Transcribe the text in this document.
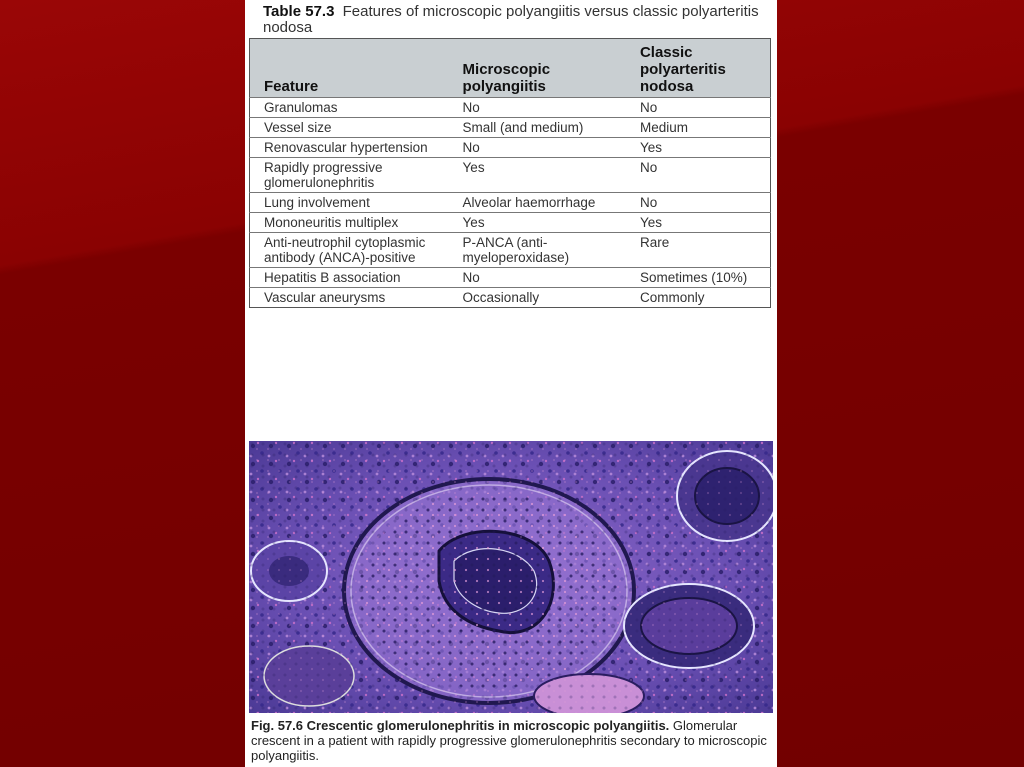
Table 57.3 Features of microscopic polyangiitis versus classic polyarteritis nodosa
Feature	Microscopic polyangiitis	Classic polyarteritis nodosa
Granulomas	No	No
Vessel size	Small (and medium)	Medium
Renovascular hypertension	No	Yes
Rapidly progressive glomerulonephritis	Yes	No
Lung involvement	Alveolar haemorrhage	No
Mononeuritis multiplex	Yes	Yes
Anti-neutrophil cytoplasmic antibody (ANCA)-positive	P-ANCA (anti-myeloperoxidase)	Rare
Hepatitis B association	No	Sometimes (10%)
Vascular aneurysms	Occasionally	Commonly
Fig. 57.6 Crescentic glomerulonephritis in microscopic polyangiitis. Glomerular crescent in a patient with rapidly progressive glomerulonephritis secondary to microscopic polyangiitis.
